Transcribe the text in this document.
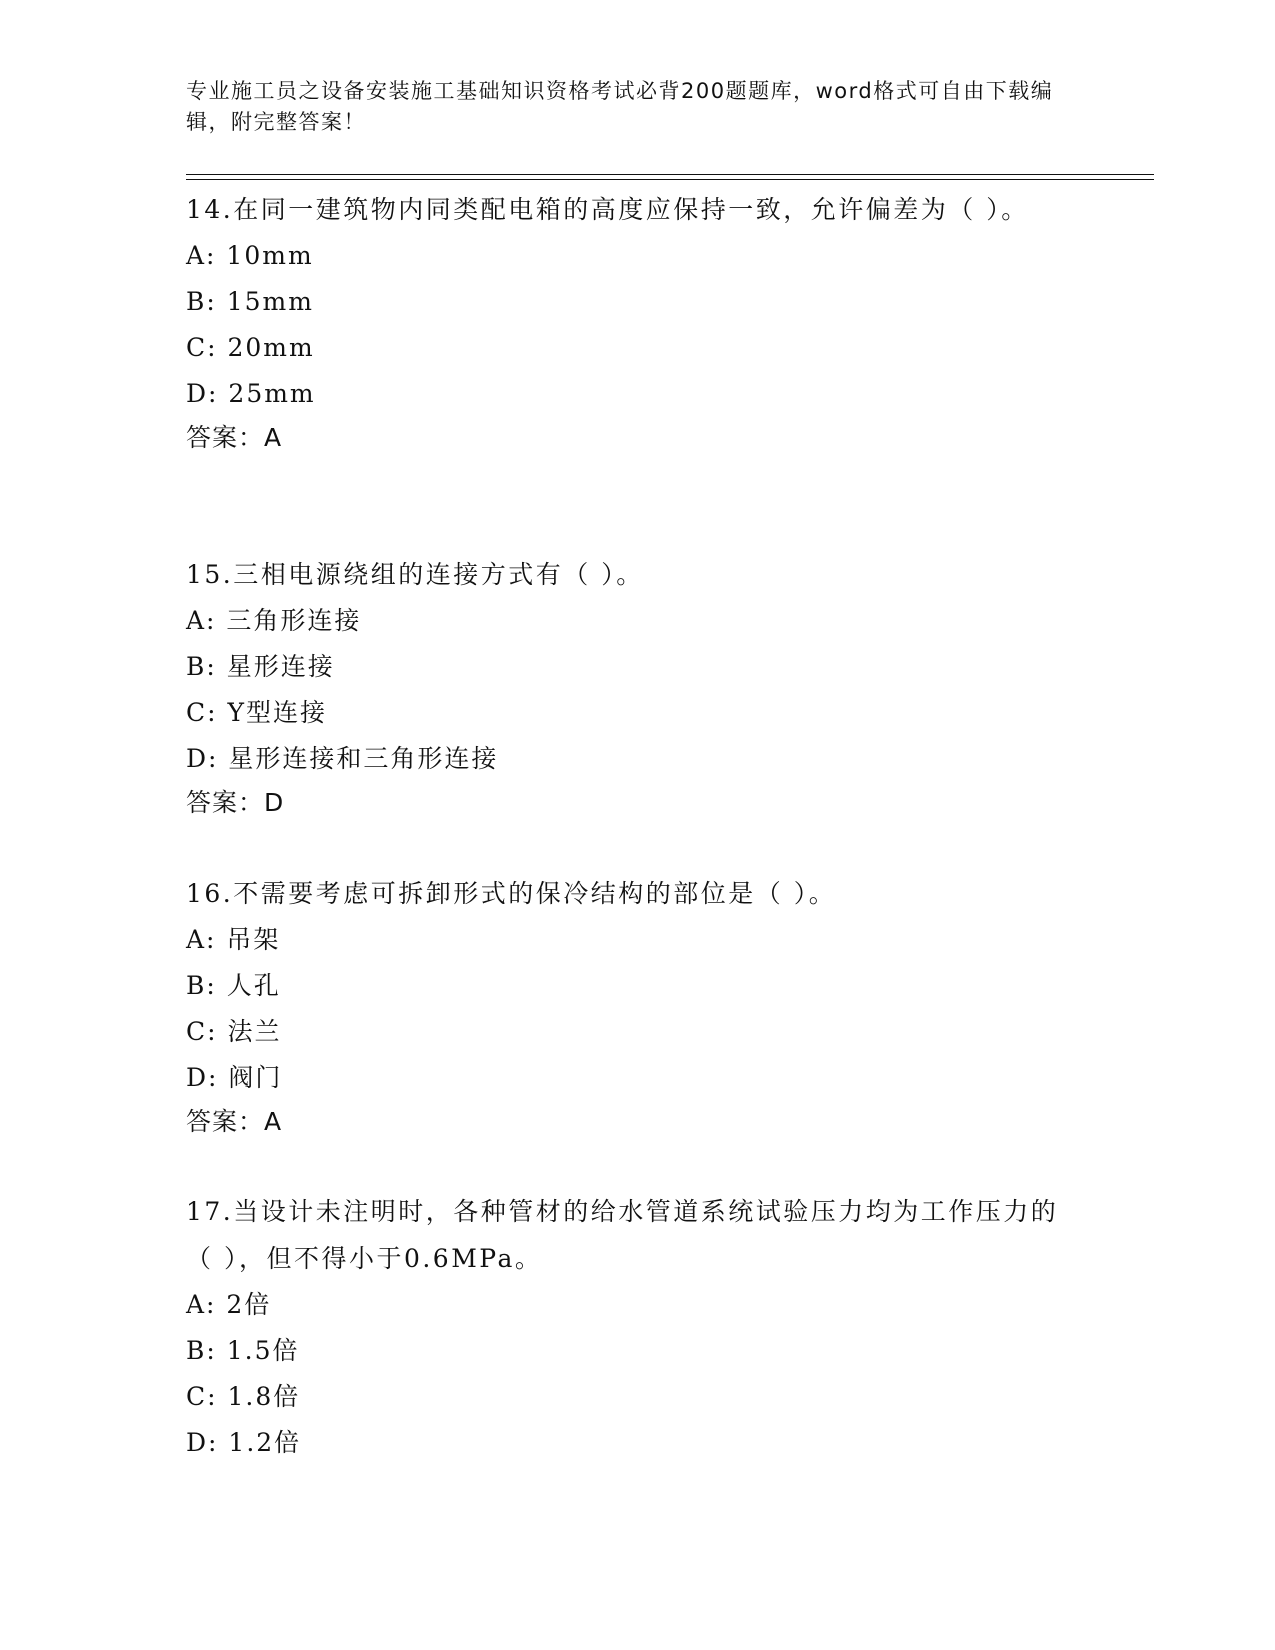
专业施工员之设备安装施工基础知识资格考试必背200题题库，word格式可自由下载编辑，附完整答案！
14.在同一建筑物内同类配电箱的高度应保持一致，允许偏差为（ ）。
A: 10mm
B: 15mm
C: 20mm
D: 25mm
答案：A
15.三相电源绕组的连接方式有（ ）。
A: 三角形连接
B: 星形连接
C: Y型连接
D: 星形连接和三角形连接
答案：D
16.不需要考虑可拆卸形式的保冷结构的部位是（ ）。
A: 吊架
B: 人孔
C: 法兰
D: 阀门
答案：A
17.当设计未注明时，各种管材的给水管道系统试验压力均为工作压力的（ ），但不得小于0.6MPa。
A: 2倍
B: 1.5倍
C: 1.8倍
D: 1.2倍
